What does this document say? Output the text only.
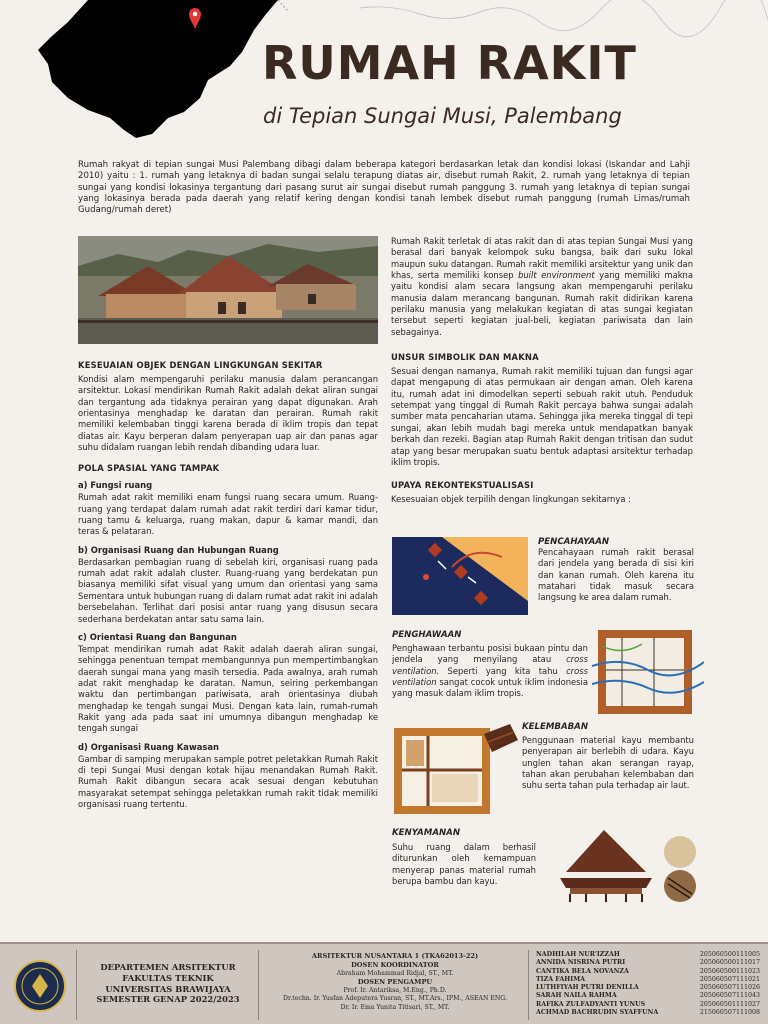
RUMAH RAKIT
di Tepian Sungai Musi, Palembang
Rumah rakyat di tepian sungai Musi Palembang dibagi dalam beberapa kategori berdasarkan letak dan kondisi lokasi (Iskandar and Lahji 2010) yaitu : 1. rumah yang letaknya di badan sungai selalu terapung diatas air, disebut rumah Rakit, 2. rumah yang letaknya di tepian sungai yang kondisi lokasinya tergantung dari pasang surut air sungai disebut rumah panggung 3. rumah yang letaknya di tepian sungai yang lokasinya berada pada daerah yang relatif kering dengan kondisi tanah lembek disebut rumah panggung (rumah Limas/rumah Gudang/rumah deret)
KESEUAIAN OBJEK DENGAN LINGKUNGAN SEKITAR
Kondisi alam mempengaruhi perilaku manusia dalam perancangan arsitektur. Lokasi mendirikan Rumah Rakit adalah dekat aliran sungai dan tergantung ada tidaknya perairan yang dapat digunakan. Arah orientasinya menghadap ke daratan dan perairan. Rumah rakit memiliki kelembaban tinggi karena berada di iklim tropis dan tepat diatas air. Kayu berperan dalam penyerapan uap air dan panas agar suhu didalam ruangan lebih rendah dibanding udara luar.
POLA SPASIAL YANG TAMPAK
a) Fungsi ruang
Rumah adat rakit memiliki enam fungsi ruang secara umum. Ruang-ruang yang terdapat dalam rumah adat rakit terdiri dari kamar tidur, ruang tamu & keluarga, ruang makan, dapur & kamar mandi, dan teras & pelataran.
b) Organisasi Ruang dan Hubungan Ruang
Berdasarkan pembagian ruang di sebelah kiri, organisasi ruang pada rumah adat rakit adalah cluster. Ruang-ruang yang berdekatan pun biasanya memiliki sifat visual yang umum dan orientasi yang sama Sementara untuk hubungan ruang di dalam rumat adat rakit ini adalah bersebelahan. Terlihat dari posisi antar ruang yang disusun secara sederhana berdekatan antar satu sama lain.
c) Orientasi Ruang dan Bangunan
Tempat mendirikan rumah adat Rakit adalah daerah aliran sungai, sehingga penentuan tempat membangunnya pun mempertimbangkan daerah sungai mana yang masih tersedia. Pada awalnya, arah rumah adat rakit menghadap ke daratan. Namun, seiring perkembangan waktu dan pertimbangan pariwisata, arah orientasinya diubah menghadap ke tengah sungai Musi. Dengan kata lain, rumah-rumah Rakit yang ada pada saat ini umumnya dibangun menghadap ke tengah sungai
d) Organisasi Ruang Kawasan
Gambar di samping merupakan sample potret peletakkan Rumah Rakit di tepi Sungai Musi dengan kotak hijau menandakan Rumah Rakit. Rumah Rakit dibangun secara acak sesuai dengan kebutuhan masyarakat setempat sehingga peletakkan rumah rakit tidak memiliki organisasi ruang tertentu.
Rumah Rakit terletak di atas rakit dan di atas tepian Sungai Musi yang berasal dari banyak kelompok suku bangsa, baik dari suku lokal maupun suku datangan. Rumah rakit memiliki arsitektur yang unik dan khas, serta memiliki konsep built environment yang memiliki makna yaitu kondisi alam secara langsung akan mempengaruhi perilaku manusia dalam merancang bangunan. Rumah rakit didirikan karena perilaku manusia yang melakukan kegiatan di atas sungai kegiatan tersebut seperti kegiatan jual-beli, kegiatan pariwisata dan lain sebagainya.
UNSUR SIMBOLIK DAN MAKNA
Sesuai dengan namanya, Rumah rakit memiliki tujuan dan fungsi agar dapat mengapung di atas permukaan air dengan aman. Oleh karena itu, rumah adat ini dimodelkan seperti sebuah rakit utuh. Penduduk setempat yang tinggal di Rumah Rakit percaya bahwa sungai adalah sumber mata pencaharian utama. Sehingga jika mereka tinggal di tepi sungai, akan lebih mudah bagi mereka untuk mendapatkan banyak berkah dan rezeki. Bagian atap Rumah Rakit dengan tritisan dan sudut atap yang besar merupakan suatu bentuk adaptasi arsitektur terhadap iklim tropis.
UPAYA REKONTEKSTUALISASI
Kesesuaian objek terpilih dengan lingkungan sekitarnya :
PENCAHAYAAN
Pencahayaan rumah rakit berasal dari jendela yang berada di sisi kiri dan kanan rumah. Oleh karena itu matahari tidak masuk secara langsung ke area dalam rumah.
PENGHAWAAN
Penghawaan terbantu posisi bukaan pintu dan jendela yang menyilang atau cross ventilation. Seperti yang kita tahu cross ventilation sangat cocok untuk iklim indonesia yang masuk dalam iklim tropis.
KELEMBABAN
Penggunaan material kayu membantu penyerapan air berlebih di udara. Kayu unglen tahan akan serangan rayap, tahan akan perubahan kelembaban dan suhu serta tahan pula terhadap air laut.
KENYAMANAN
Suhu ruang dalam berhasil diturunkan oleh kemampuan menyerap panas material rumah berupa bambu dan kayu.
DEPARTEMEN ARSITEKTUR
FAKULTAS TEKNIK
UNIVERSITAS BRAWIJAYA
SEMESTER GENAP 2022/2023
ARSITEKTUR NUSANTARA 1 (TKA62013-22)
DOSEN KOORDINATOR
Abraham Mohammad Ridjal, ST., MT.
DOSEN PENGAMPU
Prof. Ir. Antariksa, M.Eng., Ph.D.
Dr.techn. Ir. Yusfan Adeputera Yusran, ST., MT.Ars., IPM., ASEAN ENG.
Dr. Ir. Ema Yunita Titisari, ST., MT.
NADHILAH NUR'IZZAH	205060500111005
ANNIDA NISRINA PUTRI	205060500111017
CANTIKA BELA NOVANZA	205060500111023
TIZA FAHIMA	205060507111021
LUTHFIYAH PUTRI DENILLA	205060507111026
SARAH NAILA RAHMA	205060507111043
RAFIKA ZULFADYANTI YUNUS	205060501111027
ACHMAD BACHRUDIN SYAFFUNA	215060507111008
